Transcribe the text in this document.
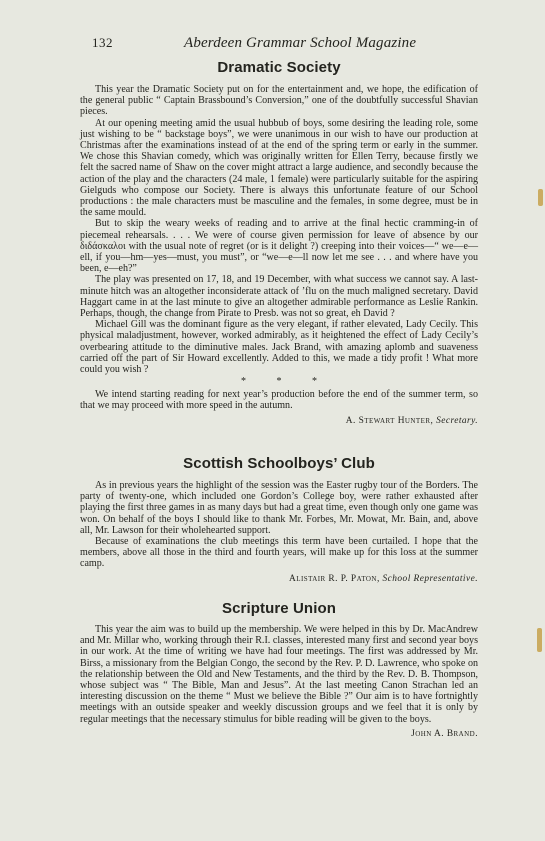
132	Aberdeen Grammar School Magazine
Dramatic Society

This year the Dramatic Society put on for the entertainment and, we hope, the edification of the general public “ Captain Brassbound’s Conversion,” one of the doubtfully successful Shavian pieces.

At our opening meeting amid the usual hubbub of boys, some desiring the leading role, some just wishing to be “ backstage boys”, we were unanimous in our wish to have our production at Christmas after the examinations instead of at the end of the spring term or early in the summer. We chose this Shavian comedy, which was originally written for Ellen Terry, because firstly we felt the sacred name of Shaw on the cover might attract a large audience, and secondly because the action of the play and the characters (24 male, 1 female) were particularly suitable for the aspiring Gielguds who compose our Society. There is always this unfortunate feature of our School productions : the male characters must be masculine and the females, in some degree, must be in the same mould.

But to skip the weary weeks of reading and to arrive at the final hectic cramming-in of piecemeal rehearsals. . . . We were of course given permission for leave of absence by our διδάσκαλοι with the usual note of regret (or is it delight ?) creeping into their voices—“ we—e—ell, if you—hm—yes—must, you must”, or “we—e—ll now let me see . . . and where have you been, e—eh?”

The play was presented on 17, 18, and 19 December, with what success we cannot say. A last-minute hitch was an altogether inconsiderate attack of ’flu on the much maligned secretary. David Haggart came in at the last minute to give an altogether admirable performance as Leslie Rankin. Perhaps, though, the change from Pirate to Presb. was not so great, eh David ?

Michael Gill was the dominant figure as the very elegant, if rather elevated, Lady Cecily. This physical maladjustment, however, worked admirably, as it heightened the effect of Lady Cecily’s overbearing attitude to the diminutive males. Jack Brand, with amazing aplomb and suaveness carried off the part of Sir Howard excellently. Added to this, we made a tidy profit ! What more could you wish ?

* * *

We intend starting reading for next year’s production before the end of the summer term, so that we may proceed with more speed in the autumn.

A. Stewart Hunter, Secretary.

Scottish Schoolboys’ Club

As in previous years the highlight of the session was the Easter rugby tour of the Borders. The party of twenty-one, which included one Gordon’s College boy, were rather exhausted after playing the first three games in as many days but had a great time, even though only one game was won. On behalf of the boys I should like to thank Mr. Forbes, Mr. Mowat, Mr. Bain, and, above all, Mr. Lawson for their wholehearted support.

Because of examinations the club meetings this term have been curtailed. I hope that the members, above all those in the third and fourth years, will make up for this loss at the summer camp.

Alistair R. P. Paton, School Representative.

Scripture Union

This year the aim was to build up the membership. We were helped in this by Dr. MacAndrew and Mr. Millar who, working through their R.I. classes, interested many first and second year boys in our work. At the time of writing we have had four meetings. The first was addressed by Mr. Birss, a missionary from the Belgian Congo, the second by the Rev. P. D. Lawrence, who spoke on the relationship between the Old and New Testaments, and the third by the Rev. D. B. Thompson, whose subject was “ The Bible, Man and Jesus”. At the last meeting Canon Strachan led an interesting discussion on the theme “ Must we believe the Bible ?” Our aim is to have fortnightly meetings with an outside speaker and weekly discussion groups and we feel that it is only by regular meetings that the necessary stimulus for bible reading will be given to the boys.

John A. Brand.
